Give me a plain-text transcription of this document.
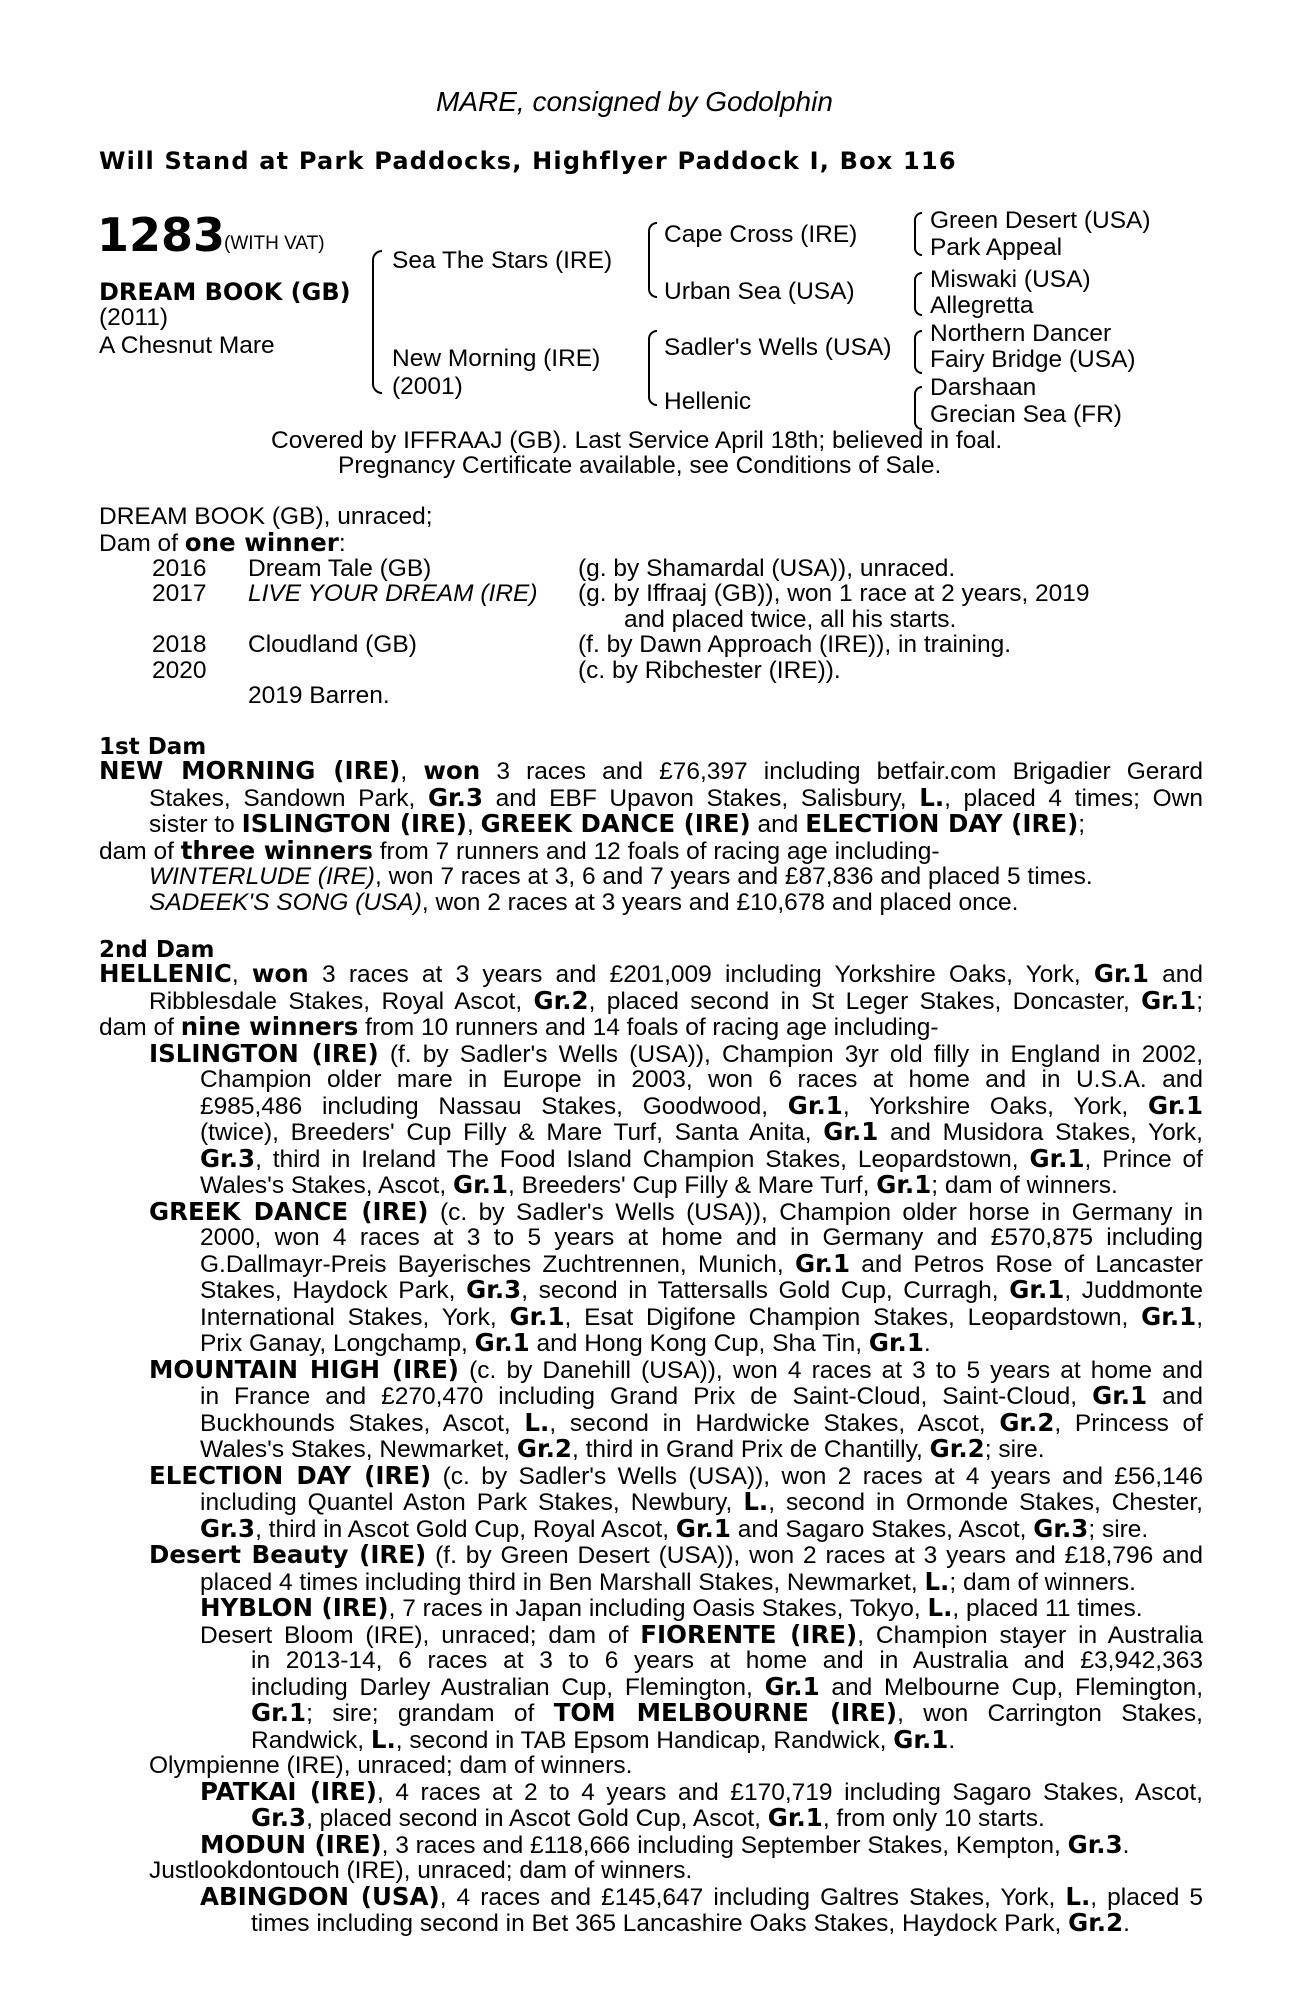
MARE, consigned by Godolphin
Will Stand at Park Paddocks, Highflyer Paddock I, Box 116
1283
(WITH VAT)
DREAM BOOK (GB)
(2011)
A Chesnut Mare
Sea The Stars (IRE)
New Morning (IRE)
(2001)
Cape Cross (IRE)
Urban Sea (USA)
Sadler's Wells (USA)
Hellenic
Green Desert (USA)
Park Appeal
Miswaki (USA)
Allegretta
Northern Dancer
Fairy Bridge (USA)
Darshaan
Grecian Sea (FR)
Covered by IFFRAAJ (GB). Last Service April 18th; believed in foal.
Pregnancy Certificate available, see Conditions of Sale.
DREAM BOOK (GB), unraced;
Dam of one winner:
2016 Dream Tale (GB)	(g. by Shamardal (USA)), unraced.
2017 LIVE YOUR DREAM (IRE) (g. by Iffraaj (GB)), won 1 race at 2 years, 2019
and placed twice, all his starts.
2018 Cloudland (GB)	(f. by Dawn Approach (IRE)), in training.
2020	(c. by Ribchester (IRE)).
2019 Barren.
1st Dam
NEW MORNING (IRE), won 3 races and £76,397 including betfair.com Brigadier Gerard
Stakes, Sandown Park, Gr.3 and EBF Upavon Stakes, Salisbury, L., placed 4 times; Own
sister to ISLINGTON (IRE), GREEK DANCE (IRE) and ELECTION DAY (IRE);
dam of three winners from 7 runners and 12 foals of racing age including-
WINTERLUDE (IRE), won 7 races at 3, 6 and 7 years and £87,836 and placed 5 times.
SADEEK'S SONG (USA), won 2 races at 3 years and £10,678 and placed once.
2nd Dam
HELLENIC, won 3 races at 3 years and £201,009 including Yorkshire Oaks, York, Gr.1 and
Ribblesdale Stakes, Royal Ascot, Gr.2, placed second in St Leger Stakes, Doncaster, Gr.1;
dam of nine winners from 10 runners and 14 foals of racing age including-
ISLINGTON (IRE) (f. by Sadler's Wells (USA)), Champion 3yr old filly in England in 2002,
Champion older mare in Europe in 2003, won 6 races at home and in U.S.A. and
£985,486 including Nassau Stakes, Goodwood, Gr.1, Yorkshire Oaks, York, Gr.1
(twice), Breeders' Cup Filly & Mare Turf, Santa Anita, Gr.1 and Musidora Stakes, York,
Gr.3, third in Ireland The Food Island Champion Stakes, Leopardstown, Gr.1, Prince of
Wales's Stakes, Ascot, Gr.1, Breeders' Cup Filly & Mare Turf, Gr.1; dam of winners.
GREEK DANCE (IRE) (c. by Sadler's Wells (USA)), Champion older horse in Germany in
2000, won 4 races at 3 to 5 years at home and in Germany and £570,875 including
G.Dallmayr-Preis Bayerisches Zuchtrennen, Munich, Gr.1 and Petros Rose of Lancaster
Stakes, Haydock Park, Gr.3, second in Tattersalls Gold Cup, Curragh, Gr.1, Juddmonte
International Stakes, York, Gr.1, Esat Digifone Champion Stakes, Leopardstown, Gr.1,
Prix Ganay, Longchamp, Gr.1 and Hong Kong Cup, Sha Tin, Gr.1.
MOUNTAIN HIGH (IRE) (c. by Danehill (USA)), won 4 races at 3 to 5 years at home and
in France and £270,470 including Grand Prix de Saint-Cloud, Saint-Cloud, Gr.1 and
Buckhounds Stakes, Ascot, L., second in Hardwicke Stakes, Ascot, Gr.2, Princess of
Wales's Stakes, Newmarket, Gr.2, third in Grand Prix de Chantilly, Gr.2; sire.
ELECTION DAY (IRE) (c. by Sadler's Wells (USA)), won 2 races at 4 years and £56,146
including Quantel Aston Park Stakes, Newbury, L., second in Ormonde Stakes, Chester,
Gr.3, third in Ascot Gold Cup, Royal Ascot, Gr.1 and Sagaro Stakes, Ascot, Gr.3; sire.
Desert Beauty (IRE) (f. by Green Desert (USA)), won 2 races at 3 years and £18,796 and
placed 4 times including third in Ben Marshall Stakes, Newmarket, L.; dam of winners.
HYBLON (IRE), 7 races in Japan including Oasis Stakes, Tokyo, L., placed 11 times.
Desert Bloom (IRE), unraced; dam of FIORENTE (IRE), Champion stayer in Australia
in 2013-14, 6 races at 3 to 6 years at home and in Australia and £3,942,363
including Darley Australian Cup, Flemington, Gr.1 and Melbourne Cup, Flemington,
Gr.1; sire; grandam of TOM MELBOURNE (IRE), won Carrington Stakes,
Randwick, L., second in TAB Epsom Handicap, Randwick, Gr.1.
Olympienne (IRE), unraced; dam of winners.
PATKAI (IRE), 4 races at 2 to 4 years and £170,719 including Sagaro Stakes, Ascot,
Gr.3, placed second in Ascot Gold Cup, Ascot, Gr.1, from only 10 starts.
MODUN (IRE), 3 races and £118,666 including September Stakes, Kempton, Gr.3.
Justlookdontouch (IRE), unraced; dam of winners.
ABINGDON (USA), 4 races and £145,647 including Galtres Stakes, York, L., placed 5
times including second in Bet 365 Lancashire Oaks Stakes, Haydock Park, Gr.2.
